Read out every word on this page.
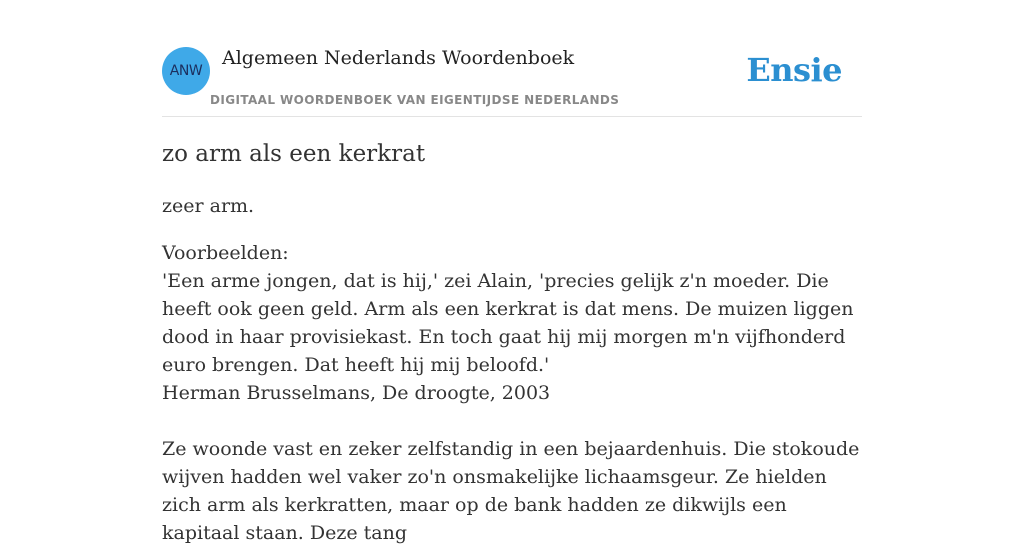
ANW
Algemeen Nederlands Woordenboek
DIGITAAL WOORDENBOEK VAN EIGENTIJDSE NEDERLANDS
Ensie
zo arm als een kerkrat

zeer arm.

Voorbeelden:
'Een arme jongen, dat is hij,' zei Alain, 'precies gelijk z'n moeder. Die heeft ook geen geld. Arm als een kerkrat is dat mens. De muizen liggen dood in haar provisiekast. En toch gaat hij mij morgen m'n vijfhonderd euro brengen. Dat heeft hij mij beloofd.'
Herman Brusselmans, De droogte, 2003
Ze woonde vast en zeker zelfstandig in een bejaardenhuis. Die stokoude wijven hadden wel vaker zo'n onsmakelijke lichaamsgeur. Ze hielden zich arm als kerkratten, maar op de bank hadden ze dikwijls een kapitaal staan. Deze tang
